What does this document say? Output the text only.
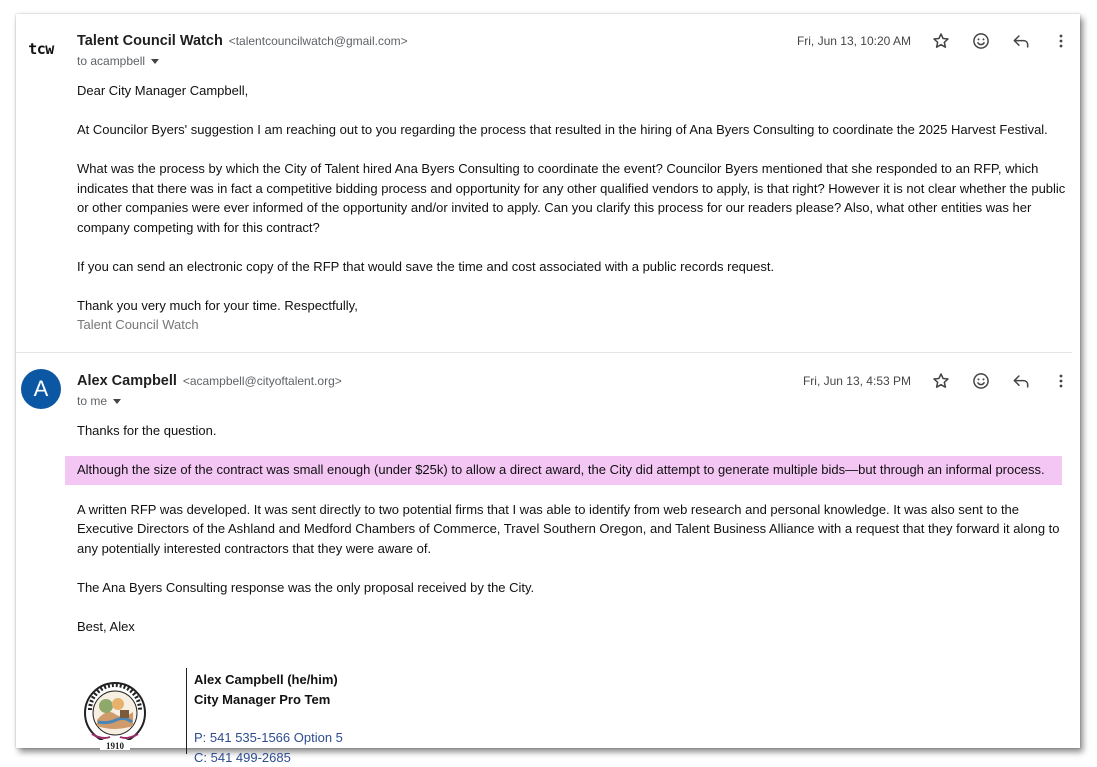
tcw	Talent Council Watch <talentcouncilwatch@gmail.com>
to acampbell
Fri, Jun 13, 10:20 AM

Dear City Manager Campbell,

At Councilor Byers' suggestion I am reaching out to you regarding the process that resulted in the hiring of Ana Byers Consulting to coordinate the 2025 Harvest Festival.

What was the process by which the City of Talent hired Ana Byers Consulting to coordinate the event? Councilor Byers mentioned that she responded to an RFP, which indicates that there was in fact a competitive bidding process and opportunity for any other qualified vendors to apply, is that right? However it is not clear whether the public or other companies were ever informed of the opportunity and/or invited to apply. Can you clarify this process for our readers please? Also, what other entities was her company competing with for this contract?

If you can send an electronic copy of the RFP that would save the time and cost associated with a public records request.

Thank you very much for your time. Respectfully,

Talent Council Watch

A	Alex Campbell <acampbell@cityoftalent.org>
to me
Fri, Jun 13, 4:53 PM

Thanks for the question.

Although the size of the contract was small enough (under $25k) to allow a direct award, the City did attempt to generate multiple bids—but through an informal process.

A written RFP was developed. It was sent directly to two potential firms that I was able to identify from web research and personal knowledge. It was also sent to the Executive Directors of the Ashland and Medford Chambers of Commerce, Travel Southern Oregon, and Talent Business Alliance with a request that they forward it along to any potentially interested contractors that they were aware of.

The Ana Byers Consulting response was the only proposal received by the City.

Best, Alex

1910
Alex Campbell (he/him)
City Manager Pro Tem
P: 541 535-1566 Option 5
C: 541 499-2685
